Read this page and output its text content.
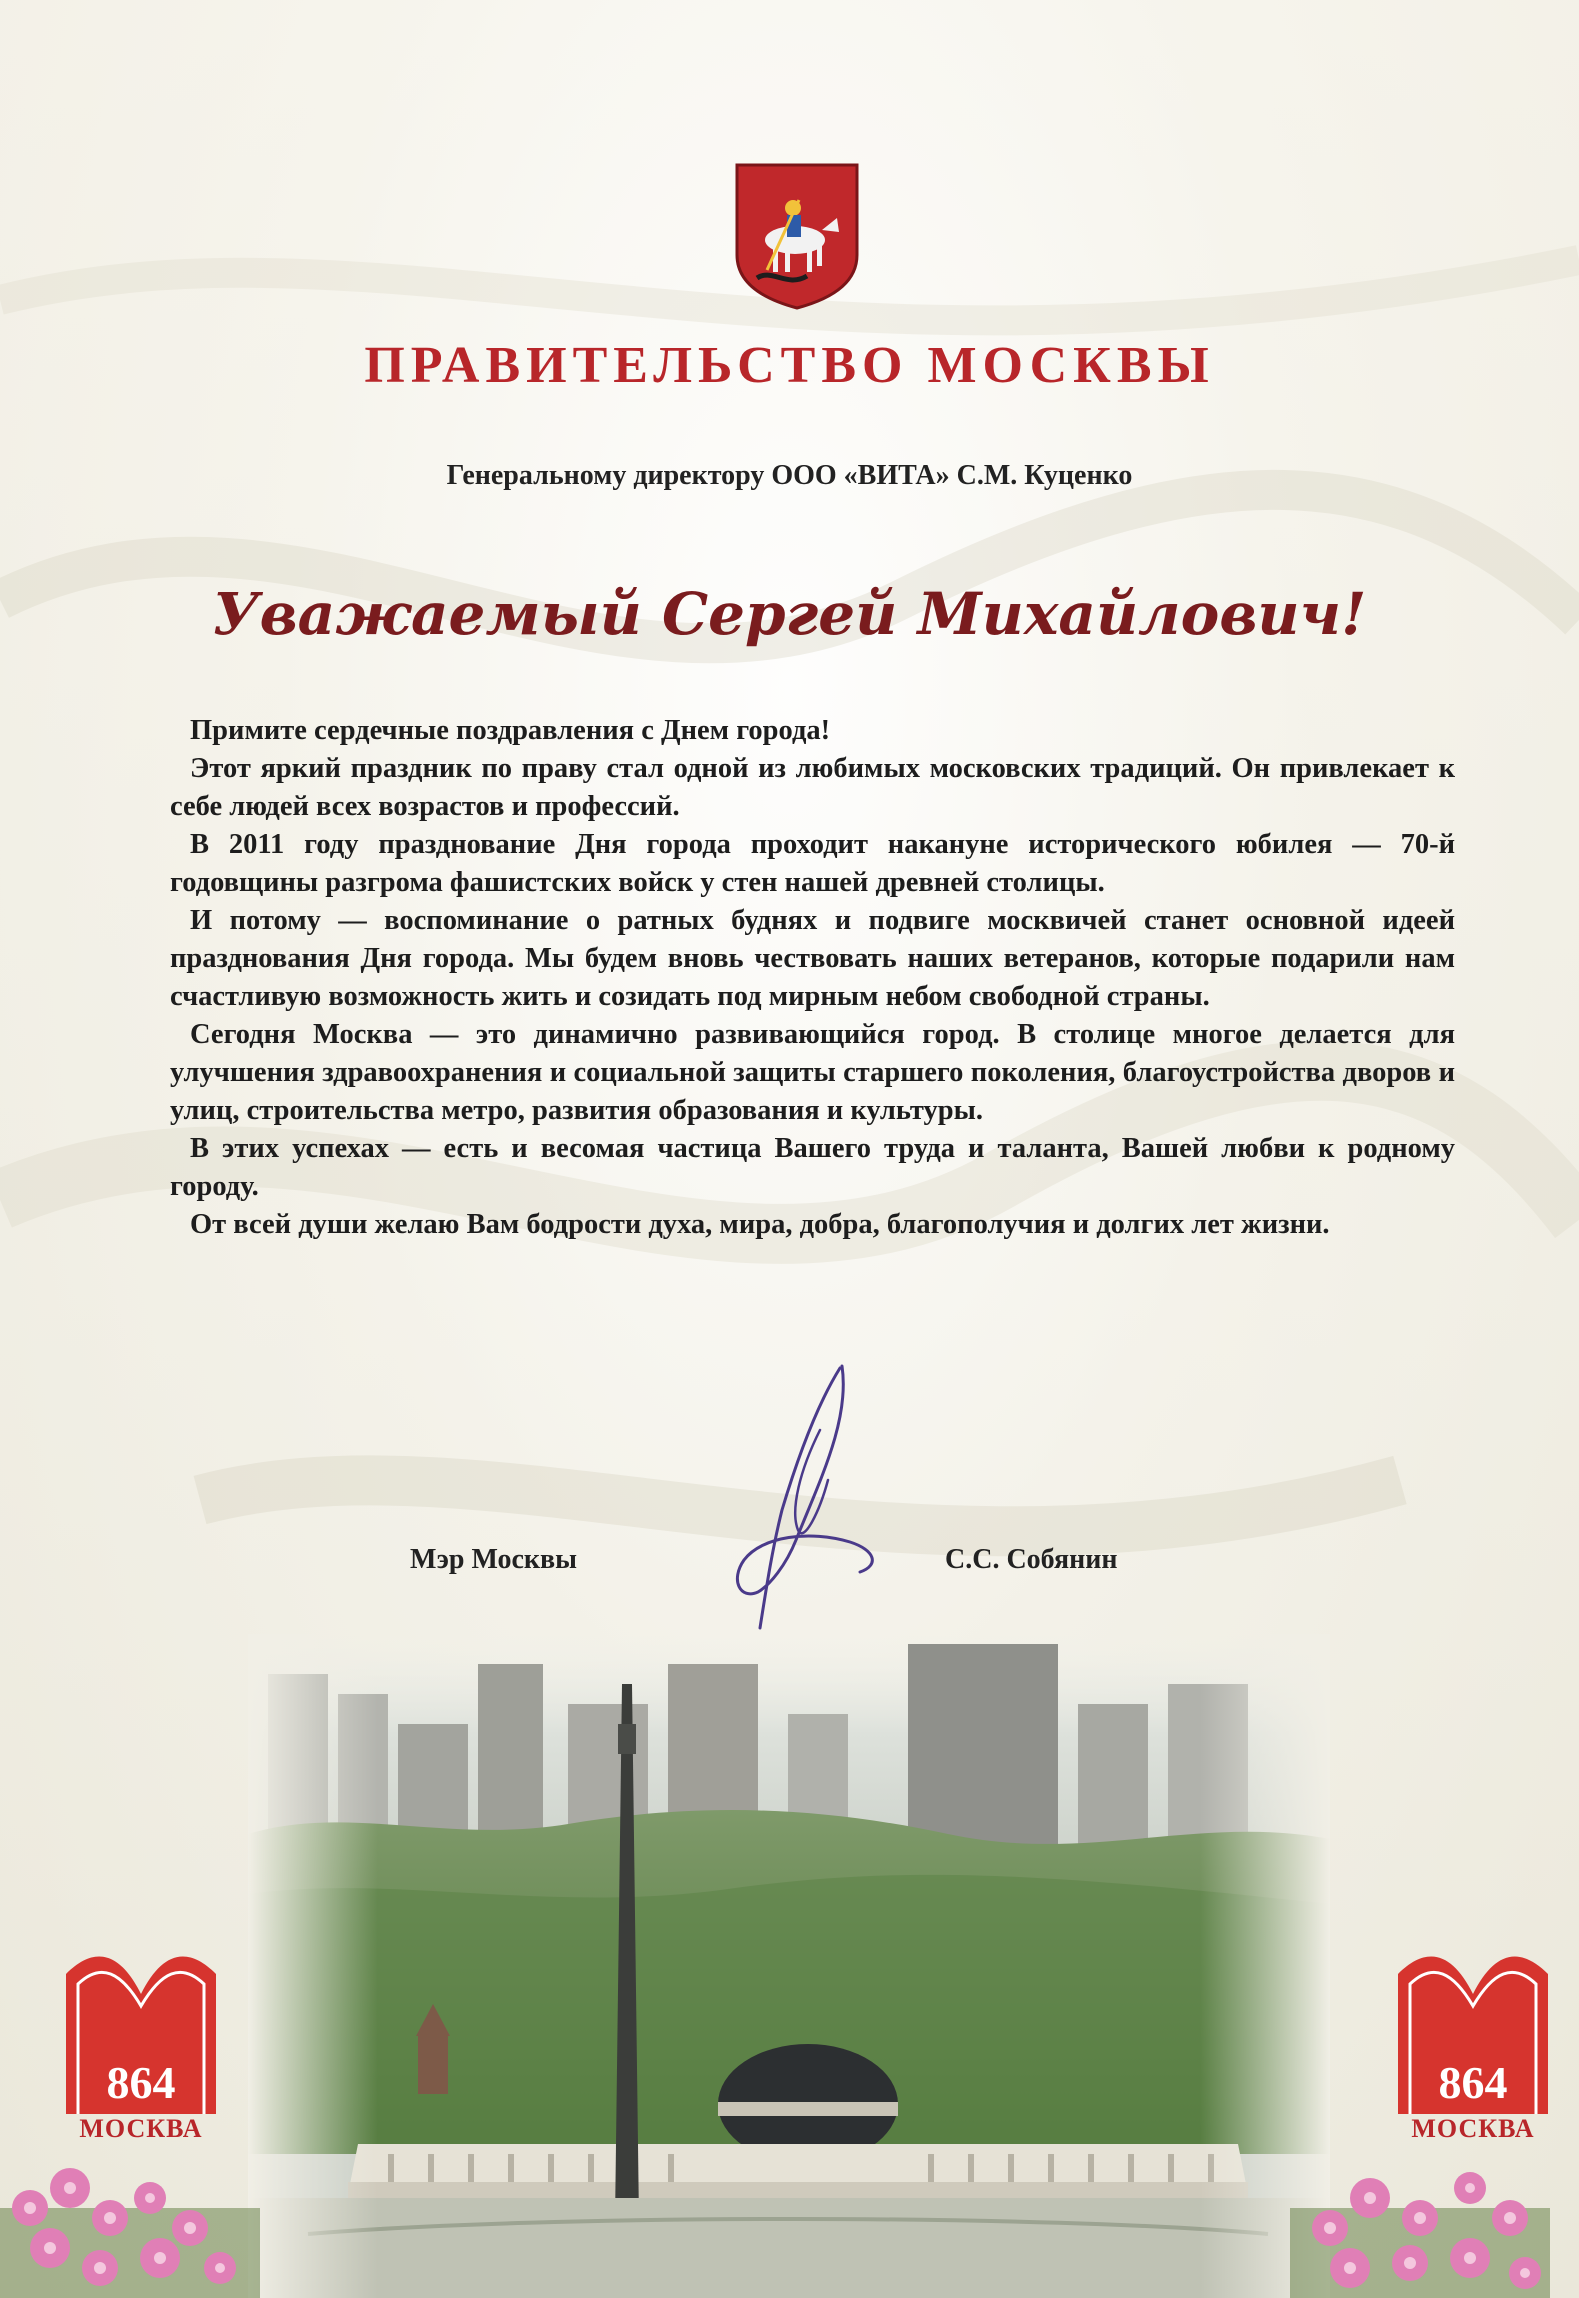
ПРАВИТЕЛЬСТВО МОСКВЫ
Генеральному директору ООО «ВИТА» С.М. Куценко
Уважаемый Сергей Михайлович!

Примите сердечные поздравления с Днем города!

Этот яркий праздник по праву стал одной из любимых московских традиций. Он привлекает к себе людей всех возрастов и профессий.

В 2011 году празднование Дня города проходит накануне исторического юбилея — 70-й годовщины разгрома фашистских войск у стен нашей древней столицы.

И потому — воспоминание о ратных буднях и подвиге москвичей станет основной идеей празднования Дня города. Мы будем вновь чествовать наших ветеранов, которые подарили нам счастливую возможность жить и созидать под мирным небом свободной страны.

Сегодня Москва — это динамично развивающийся город. В столице многое делается для улучшения здравоохранения и социальной защиты старшего поколения, благоустройства дворов и улиц, строительства метро, развития образования и культуры.

В этих успехах — есть и весомая частица Вашего труда и таланта, Вашей любви к родному городу.

От всей души желаю Вам бодрости духа, мира, добра, благополучия и долгих лет жизни.

Мэр Москвы	С.С. Собянин
864
МОСКВА
864
МОСКВА
